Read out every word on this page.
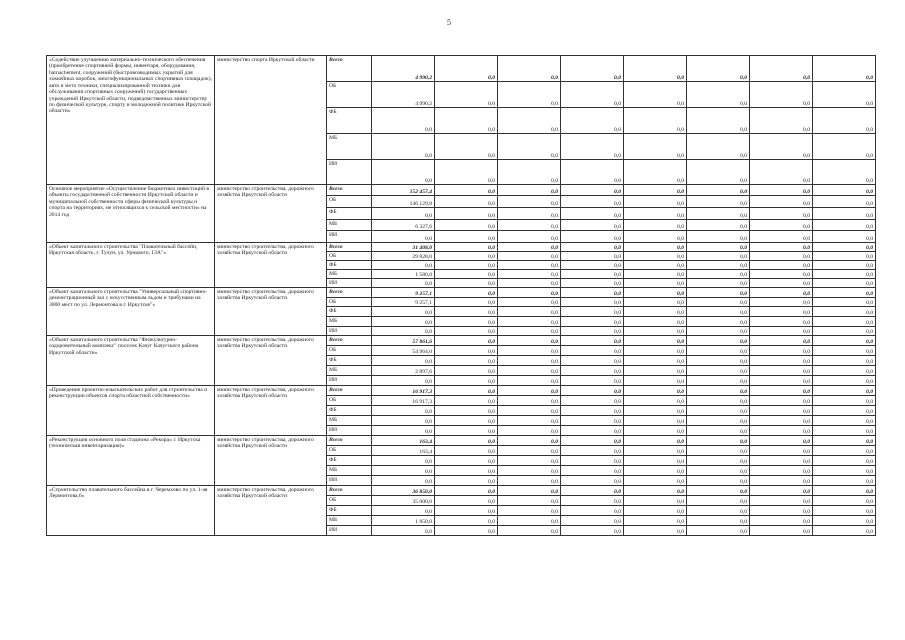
5
«Содействие улучшению материально-технического обеспечения (приобретение спортивной формы, инвентаря, оборудования, harnachement, сооружений (быстровозводимых укрытий для хоккейных коробок, многофункциональных спортивных площадок), авто и мото техники, специализированной техники для обслуживания спортивных сооружений) государственных учреждений Иркутской области, подведомственных министерству по физической культуре, спорту и молодежной политике Иркутской области»	министерство спорта Иркутской области	Всего	4 990,2	0,0	0,0	0,0	0,0	0,0	0,0	0,0
		ОБ	4 990,2	0,0	0,0	0,0	0,0	0,0	0,0	0,0
		ФБ	0,0	0,0	0,0	0,0	0,0	0,0	0,0	0,0
		МБ	0,0	0,0	0,0	0,0	0,0	0,0	0,0	0,0
		ИИ	0,0	0,0	0,0	0,0	0,0	0,0	0,0	0,0
Основное мероприятие «Осуществление бюджетных инвестиций в объекты государственной собственности Иркутской области и муниципальной собственности сферы физической культуры и спорта на территориях, не относящихся к сельской местности» на 2014 год	министерство строительства, дорожного хозяйства Иркутской области	Всего	152 457,4	0,0	0,0	0,0	0,0	0,0	0,0	0,0
		ОБ	146 129,8	0,0	0,0	0,0	0,0	0,0	0,0	0,0
		ФБ	0,0	0,0	0,0	0,0	0,0	0,0	0,0	0,0
		МБ	6 327,6	0,0	0,0	0,0	0,0	0,0	0,0	0,0
		ИИ	0,0	0,0	0,0	0,0	0,0	0,0	0,0	0,0
«Объект капитального строительства "Плавательный бассейн, Иркутская область, г. Тулун, ул. Урицкого, 13А"»	министерство строительства, дорожного хозяйства Иркутской области	Всего	31 408,0	0,0	0,0	0,0	0,0	0,0	0,0	0,0
		ОБ	29 828,0	0,0	0,0	0,0	0,0	0,0	0,0	0,0
		ФБ	0,0	0,0	0,0	0,0	0,0	0,0	0,0	0,0
		МБ	1 580,0	0,0	0,0	0,0	0,0	0,0	0,0	0,0
		ИИ	0,0	0,0	0,0	0,0	0,0	0,0	0,0	0,0
«Объект капитального строительства "Универсальный спортивно-демонстрационный зал с искусственным льдом и трибунами на 3000 мест по ул. Лермонтова в г. Иркутске"»	министерство строительства, дорожного хозяйства Иркутской области	Всего	9 257,1	0,0	0,0	0,0	0,0	0,0	0,0	0,0
		ОБ	9 257,1	0,0	0,0	0,0	0,0	0,0	0,0	0,0
		ФБ	0,0	0,0	0,0	0,0	0,0	0,0	0,0	0,0
		МБ	0,0	0,0	0,0	0,0	0,0	0,0	0,0	0,0
		ИИ	0,0	0,0	0,0	0,0	0,0	0,0	0,0	0,0
«Объект капитального строительства "Физкультурно-оздоровительный комплекс" поселок Качуг Качугского района Иркутской области»	министерство строительства, дорожного хозяйства Иркутской области	Всего	57 861,6	0,0	0,0	0,0	0,0	0,0	0,0	0,0
		ОБ	54 964,0	0,0	0,0	0,0	0,0	0,0	0,0	0,0
		ФБ	0,0	0,0	0,0	0,0	0,0	0,0	0,0	0,0
		МБ	2 897,6	0,0	0,0	0,0	0,0	0,0	0,0	0,0
		ИИ	0,0	0,0	0,0	0,0	0,0	0,0	0,0	0,0
«Проведение проектно-изыскательских работ для строительства и реконструкции объектов спорта областной собственности»	министерство строительства, дорожного хозяйства Иркутской области	Всего	16 917,3	0,0	0,0	0,0	0,0	0,0	0,0	0,0
		ОБ	16 917,3	0,0	0,0	0,0	0,0	0,0	0,0	0,0
		ФБ	0,0	0,0	0,0	0,0	0,0	0,0	0,0	0,0
		МБ	0,0	0,0	0,0	0,0	0,0	0,0	0,0	0,0
		ИИ	0,0	0,0	0,0	0,0	0,0	0,0	0,0	0,0
«Реконструкция основного поля стадиона «Рекорд» г. Иркутска (техническая инвентаризация)»	министерство строительства, дорожного хозяйства Иркутской области	Всего	163,4	0,0	0,0	0,0	0,0	0,0	0,0	0,0
		ОБ	163,4	0,0	0,0	0,0	0,0	0,0	0,0	0,0
		ФБ	0,0	0,0	0,0	0,0	0,0	0,0	0,0	0,0
		МБ	0,0	0,0	0,0	0,0	0,0	0,0	0,0	0,0
		ИИ	0,0	0,0	0,0	0,0	0,0	0,0	0,0	0,0
«Строительство плавательного бассейна в г. Черемхово по ул. 1-ая Лермонтова,6»	министерство строительства, дорожного хозяйства Иркутской области	Всего	36 850,0	0,0	0,0	0,0	0,0	0,0	0,0	0,0
		ОБ	35 000,0	0,0	0,0	0,0	0,0	0,0	0,0	0,0
		ФБ	0,0	0,0	0,0	0,0	0,0	0,0	0,0	0,0
		МБ	1 850,0	0,0	0,0	0,0	0,0	0,0	0,0	0,0
		ИИ	0,0	0,0	0,0	0,0	0,0	0,0	0,0	0,0
